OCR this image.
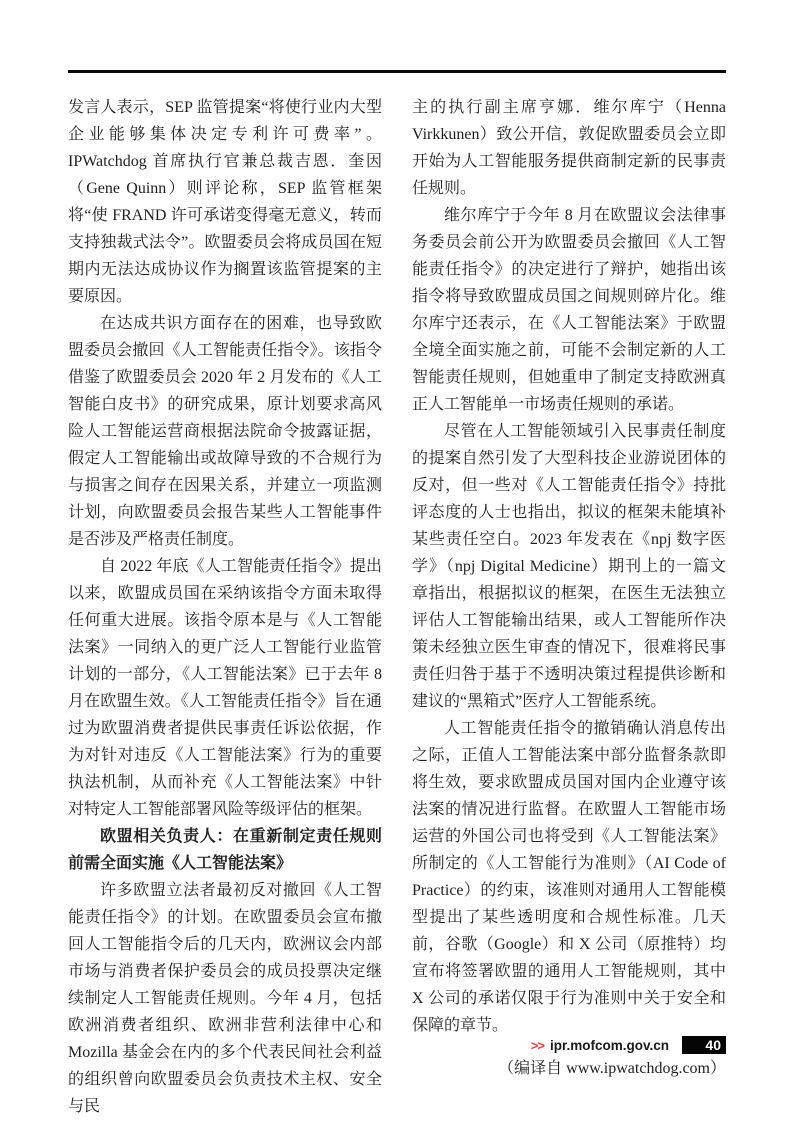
发言人表示，SEP 监管提案“将使行业内大型企业能够集体决定专利许可费率”。IPWatchdog 首席执行官兼总裁吉恩．奎因（Gene Quinn）则评论称，SEP 监管框架将“使 FRAND 许可承诺变得毫无意义，转而支持独裁式法令”。欧盟委员会将成员国在短期内无法达成协议作为搁置该监管提案的主要原因。

在达成共识方面存在的困难，也导致欧盟委员会撤回《人工智能责任指令》。该指令借鉴了欧盟委员会 2020 年 2 月发布的《人工智能白皮书》的研究成果，原计划要求高风险人工智能运营商根据法院命令披露证据，假定人工智能输出或故障导致的不合规行为与损害之间存在因果关系，并建立一项监测计划，向欧盟委员会报告某些人工智能事件是否涉及严格责任制度。

自 2022 年底《人工智能责任指令》提出以来，欧盟成员国在采纳该指令方面未取得任何重大进展。该指令原本是与《人工智能法案》一同纳入的更广泛人工智能行业监管计划的一部分，《人工智能法案》已于去年 8 月在欧盟生效。《人工智能责任指令》旨在通过为欧盟消费者提供民事责任诉讼依据，作为对针对违反《人工智能法案》行为的重要执法机制，从而补充《人工智能法案》中针对特定人工智能部署风险等级评估的框架。

欧盟相关负责人：在重新制定责任规则前需全面实施《人工智能法案》

许多欧盟立法者最初反对撤回《人工智能责任指令》的计划。在欧盟委员会宣布撤回人工智能指令后的几天内，欧洲议会内部市场与消费者保护委员会的成员投票决定继续制定人工智能责任规则。今年 4 月，包括欧洲消费者组织、欧洲非营利法律中心和 Mozilla 基金会在内的多个代表民间社会利益的组织曾向欧盟委员会负责技术主权、安全与民

主的执行副主席亨娜．维尔库宁（Henna Virkkunen）致公开信，敦促欧盟委员会立即开始为人工智能服务提供商制定新的民事责任规则。

维尔库宁于今年 8 月在欧盟议会法律事务委员会前公开为欧盟委员会撤回《人工智能责任指令》的决定进行了辩护，她指出该指令将导致欧盟成员国之间规则碎片化。维尔库宁还表示，在《人工智能法案》于欧盟全境全面实施之前，可能不会制定新的人工智能责任规则，但她重申了制定支持欧洲真正人工智能单一市场责任规则的承诺。

尽管在人工智能领域引入民事责任制度的提案自然引发了大型科技企业游说团体的反对，但一些对《人工智能责任指令》持批评态度的人士也指出，拟议的框架未能填补某些责任空白。2023 年发表在《npj 数字医学》（npj Digital Medicine）期刊上的一篇文章指出，根据拟议的框架，在医生无法独立评估人工智能输出结果，或人工智能所作决策未经独立医生审查的情况下，很难将民事责任归咎于基于不透明决策过程提供诊断和建议的“黑箱式”医疗人工智能系统。

人工智能责任指令的撤销确认消息传出之际，正值人工智能法案中部分监督条款即将生效，要求欧盟成员国对国内企业遵守该法案的情况进行监督。在欧盟人工智能市场运营的外国公司也将受到《人工智能法案》所制定的《人工智能行为准则》（AI Code of Practice）的约束，该准则对通用人工智能模型提出了某些透明度和合规性标准。几天前，谷歌（Google）和 X 公司（原推特）均宣布将签署欧盟的通用人工智能规则，其中 X 公司的承诺仅限于行为准则中关于安全和保障的章节。

（编译自 www.ipwatchdog.com）

>> ipr.mofcom.gov.cn	40
